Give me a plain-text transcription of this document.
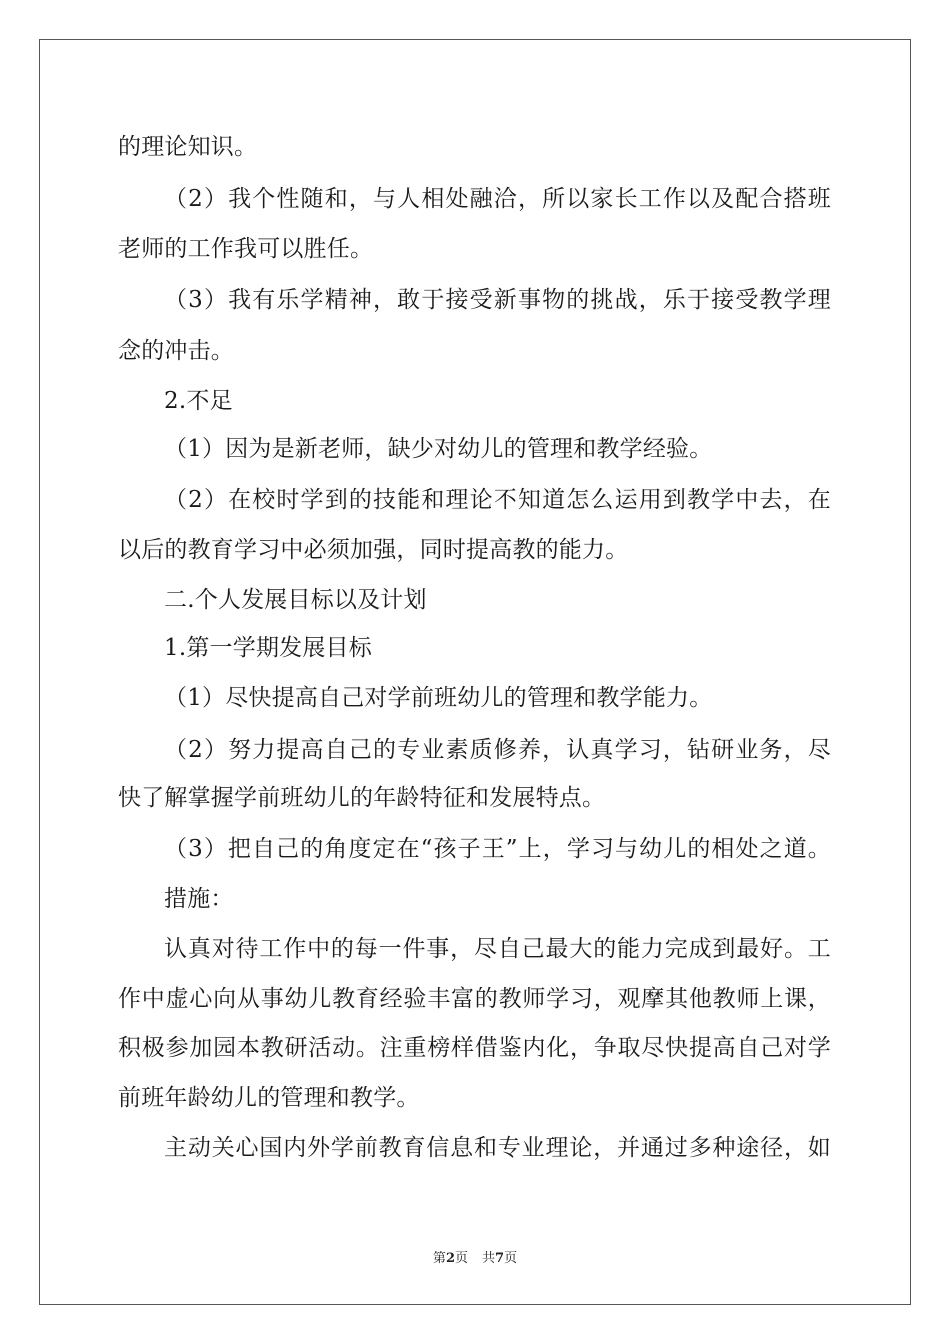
的理论知识。
（2）我个性随和，与人相处融洽，所以家长工作以及配合搭班
老师的工作我可以胜任。
（3）我有乐学精神，敢于接受新事物的挑战，乐于接受教学理
念的冲击。
2.不足
（1）因为是新老师，缺少对幼儿的管理和教学经验。
（2）在校时学到的技能和理论不知道怎么运用到教学中去，在
以后的教育学习中必须加强，同时提高教的能力。
二.个人发展目标以及计划
1.第一学期发展目标
（1）尽快提高自己对学前班幼儿的管理和教学能力。
（2）努力提高自己的专业素质修养，认真学习，钻研业务，尽
快了解掌握学前班幼儿的年龄特征和发展特点。
（3）把自己的角度定在“孩子王”上，学习与幼儿的相处之道。
措施：
认真对待工作中的每一件事，尽自己最大的能力完成到最好。工
作中虚心向从事幼儿教育经验丰富的教师学习，观摩其他教师上课，
积极参加园本教研活动。注重榜样借鉴内化，争取尽快提高自己对学
前班年龄幼儿的管理和教学。
主动关心国内外学前教育信息和专业理论，并通过多种途径，如
第2页 共7页
